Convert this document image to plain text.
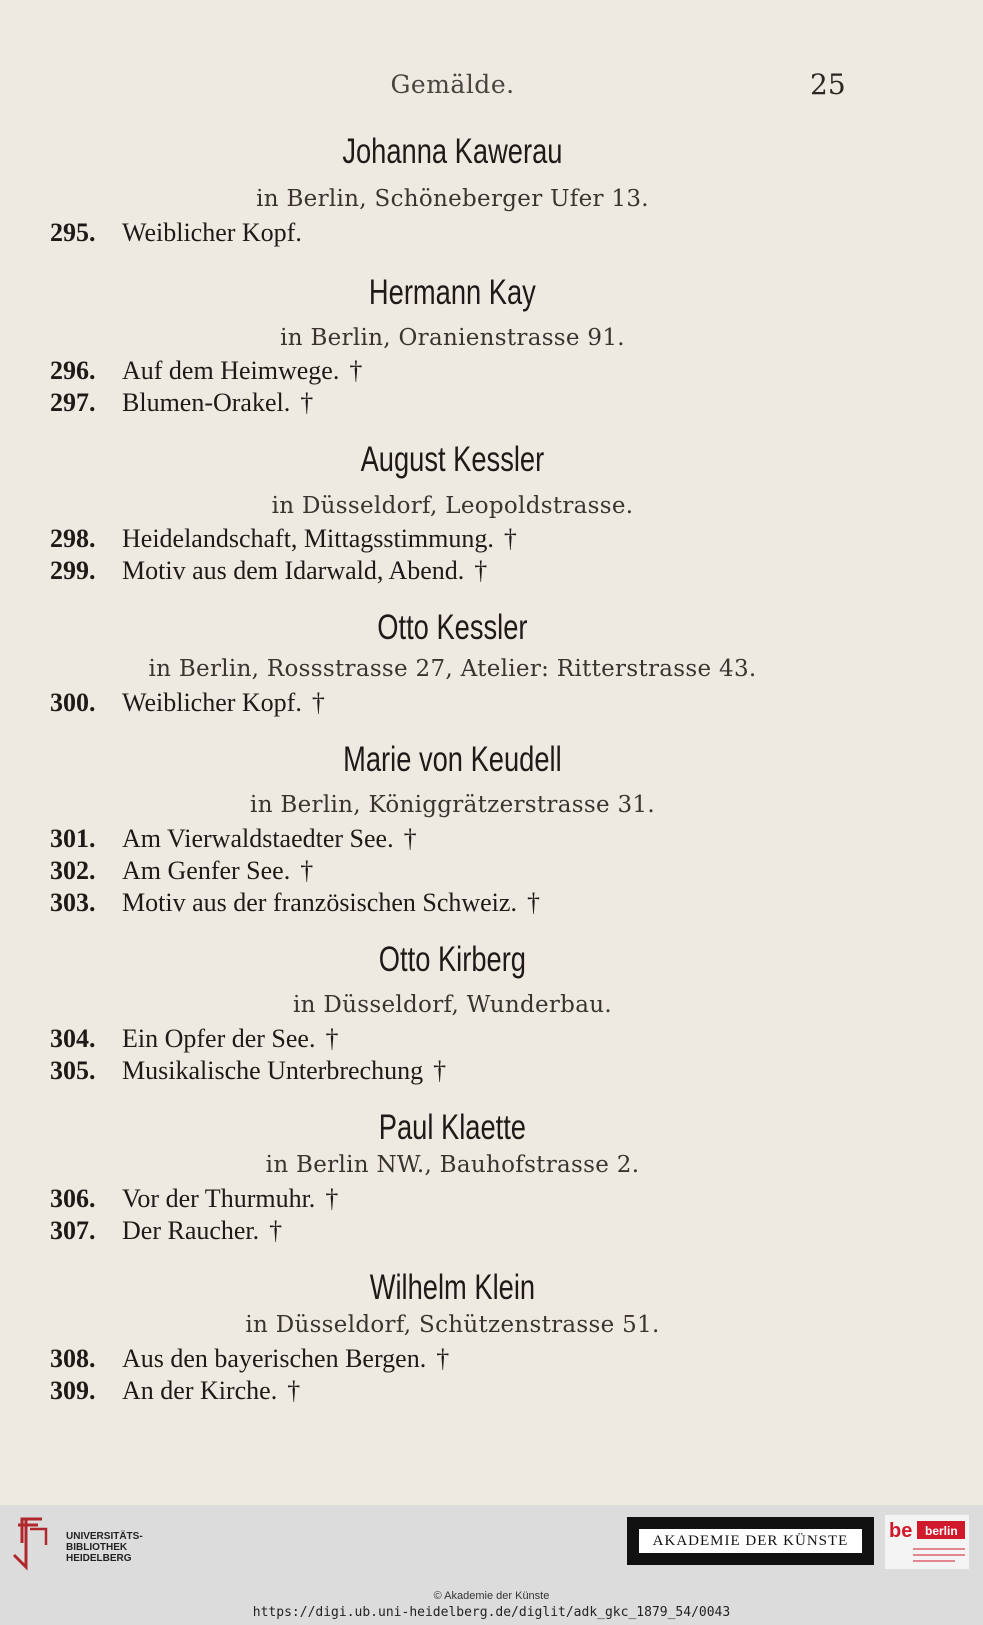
Gemälde.	25
Johanna Kawerau
in Berlin, Schöneberger Ufer 13.
295. Weiblicher Kopf.
Hermann Kay
in Berlin, Oranienstrasse 91.
296. Auf dem Heimwege. †
297. Blumen-Orakel. †
August Kessler
in Düsseldorf, Leopoldstrasse.
298. Heidelandschaft, Mittagsstimmung. †
299. Motiv aus dem Idarwald, Abend. †
Otto Kessler
in Berlin, Rossstrasse 27, Atelier: Ritterstrasse 43.
300. Weiblicher Kopf. †
Marie von Keudell
in Berlin, Königgrätzerstrasse 31.
301. Am Vierwaldstaedter See. †
302. Am Genfer See. †
303. Motiv aus der französischen Schweiz. †
Otto Kirberg
in Düsseldorf, Wunderbau.
304. Ein Opfer der See. †
305. Musikalische Unterbrechung †
Paul Klaette
in Berlin NW., Bauhofstrasse 2.
306. Vor der Thurmuhr. †
307. Der Raucher. †
Wilhelm Klein
in Düsseldorf, Schützenstrasse 51.
308. Aus den bayerischen Bergen. †
309. An der Kirche. †
UNIVERSITÄTS-
BIBLIOTHEK
HEIDELBERG
AKADEMIE DER KÜNSTE	be berlin
© Akademie der Künste
https://digi.ub.uni-heidelberg.de/diglit/adk_gkc_1879_54/0043
